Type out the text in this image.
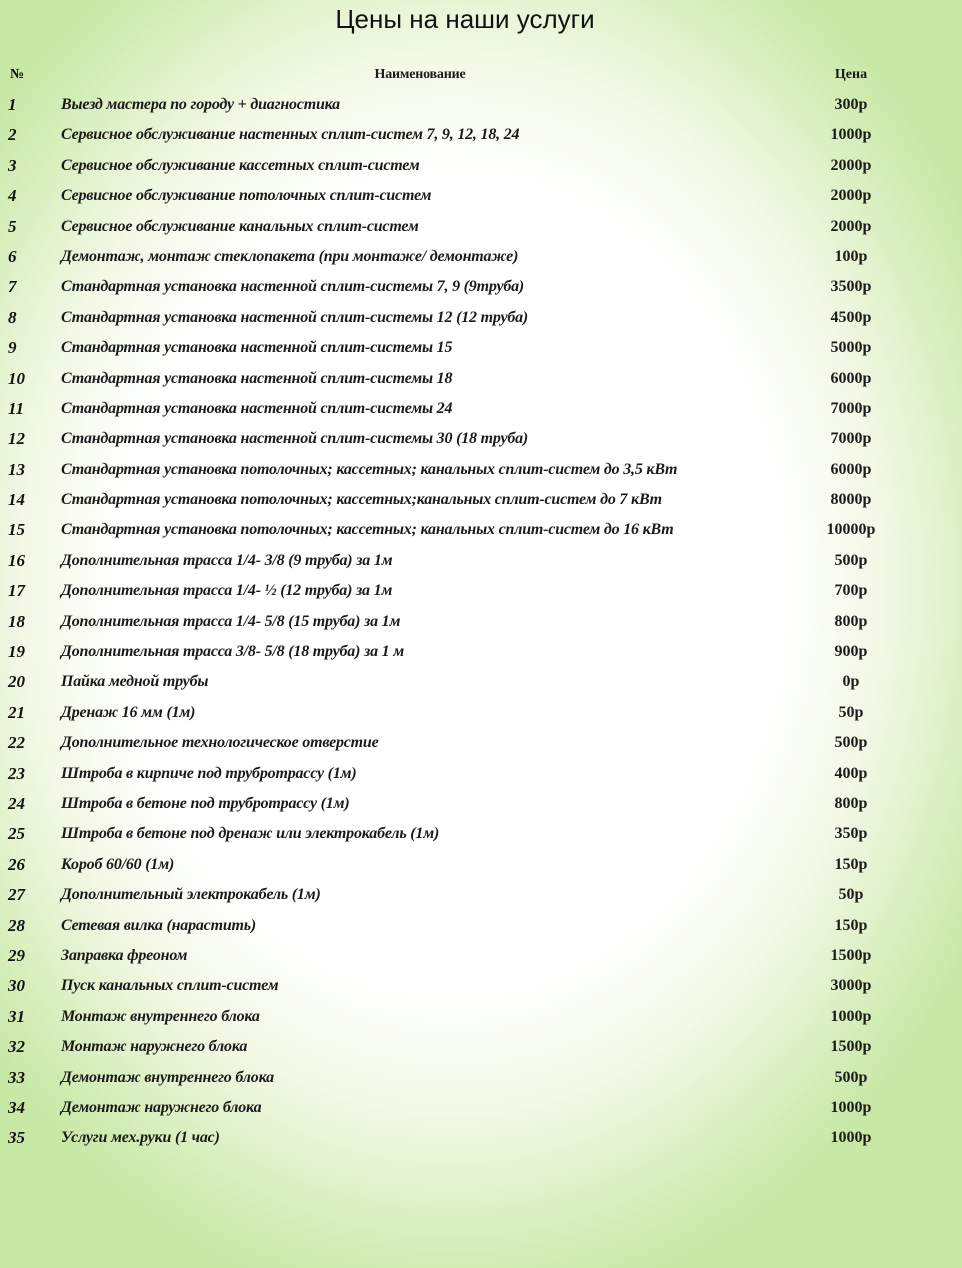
Цены на наши услуги
№	Наименование	Цена
1	Выезд мастера по городу + диагностика	300р
2	Сервисное обслуживание настенных сплит-систем 7, 9, 12, 18, 24	1000р
3	Сервисное обслуживание кассетных сплит-систем	2000р
4	Сервисное обслуживание потолочных сплит-систем	2000р
5	Сервисное обслуживание канальных сплит-систем	2000р
6	Демонтаж, монтаж стеклопакета (при монтаже/ демонтаже)	100р
7	Стандартная установка настенной сплит-системы 7, 9 (9труба)	3500р
8	Стандартная установка настенной сплит-системы 12 (12 труба)	4500р
9	Стандартная установка настенной сплит-системы 15	5000р
10	Стандартная установка настенной сплит-системы 18	6000р
11	Стандартная установка настенной сплит-системы 24	7000р
12	Стандартная установка настенной сплит-системы 30 (18 труба)	7000р
13	Стандартная установка потолочных; кассетных; канальных сплит-систем до 3,5 кВт	6000р
14	Стандартная установка потолочных; кассетных;канальных сплит-систем до 7 кВт	8000р
15	Стандартная установка потолочных; кассетных; канальных сплит-систем до 16 кВт	10000р
16	Дополнительная трасса 1/4- 3/8 (9 труба) за 1м	500р
17	Дополнительная трасса 1/4- ½ (12 труба) за 1м	700р
18	Дополнительная трасса 1/4- 5/8 (15 труба) за 1м	800р
19	Дополнительная трасса 3/8- 5/8 (18 труба) за 1 м	900р
20	Пайка медной трубы	0р
21	Дренаж 16 мм (1м)	50р
22	Дополнительное технологическое отверстие	500р
23	Штроба в кирпиче под трубротрассу (1м)	400р
24	Штроба в бетоне под трубротрассу (1м)	800р
25	Штроба в бетоне под дренаж или электрокабель (1м)	350р
26	Короб 60/60 (1м)	150р
27	Дополнительный электрокабель (1м)	50р
28	Сетевая вилка (нарастить)	150р
29	Заправка фреоном	1500р
30	Пуск канальных сплит-систем	3000р
31	Монтаж внутреннего блока	1000р
32	Монтаж наружнего блока	1500р
33	Демонтаж внутреннего блока	500р
34	Демонтаж наружнего блока	1000р
35	Услуги мех.руки (1 час)	1000р
